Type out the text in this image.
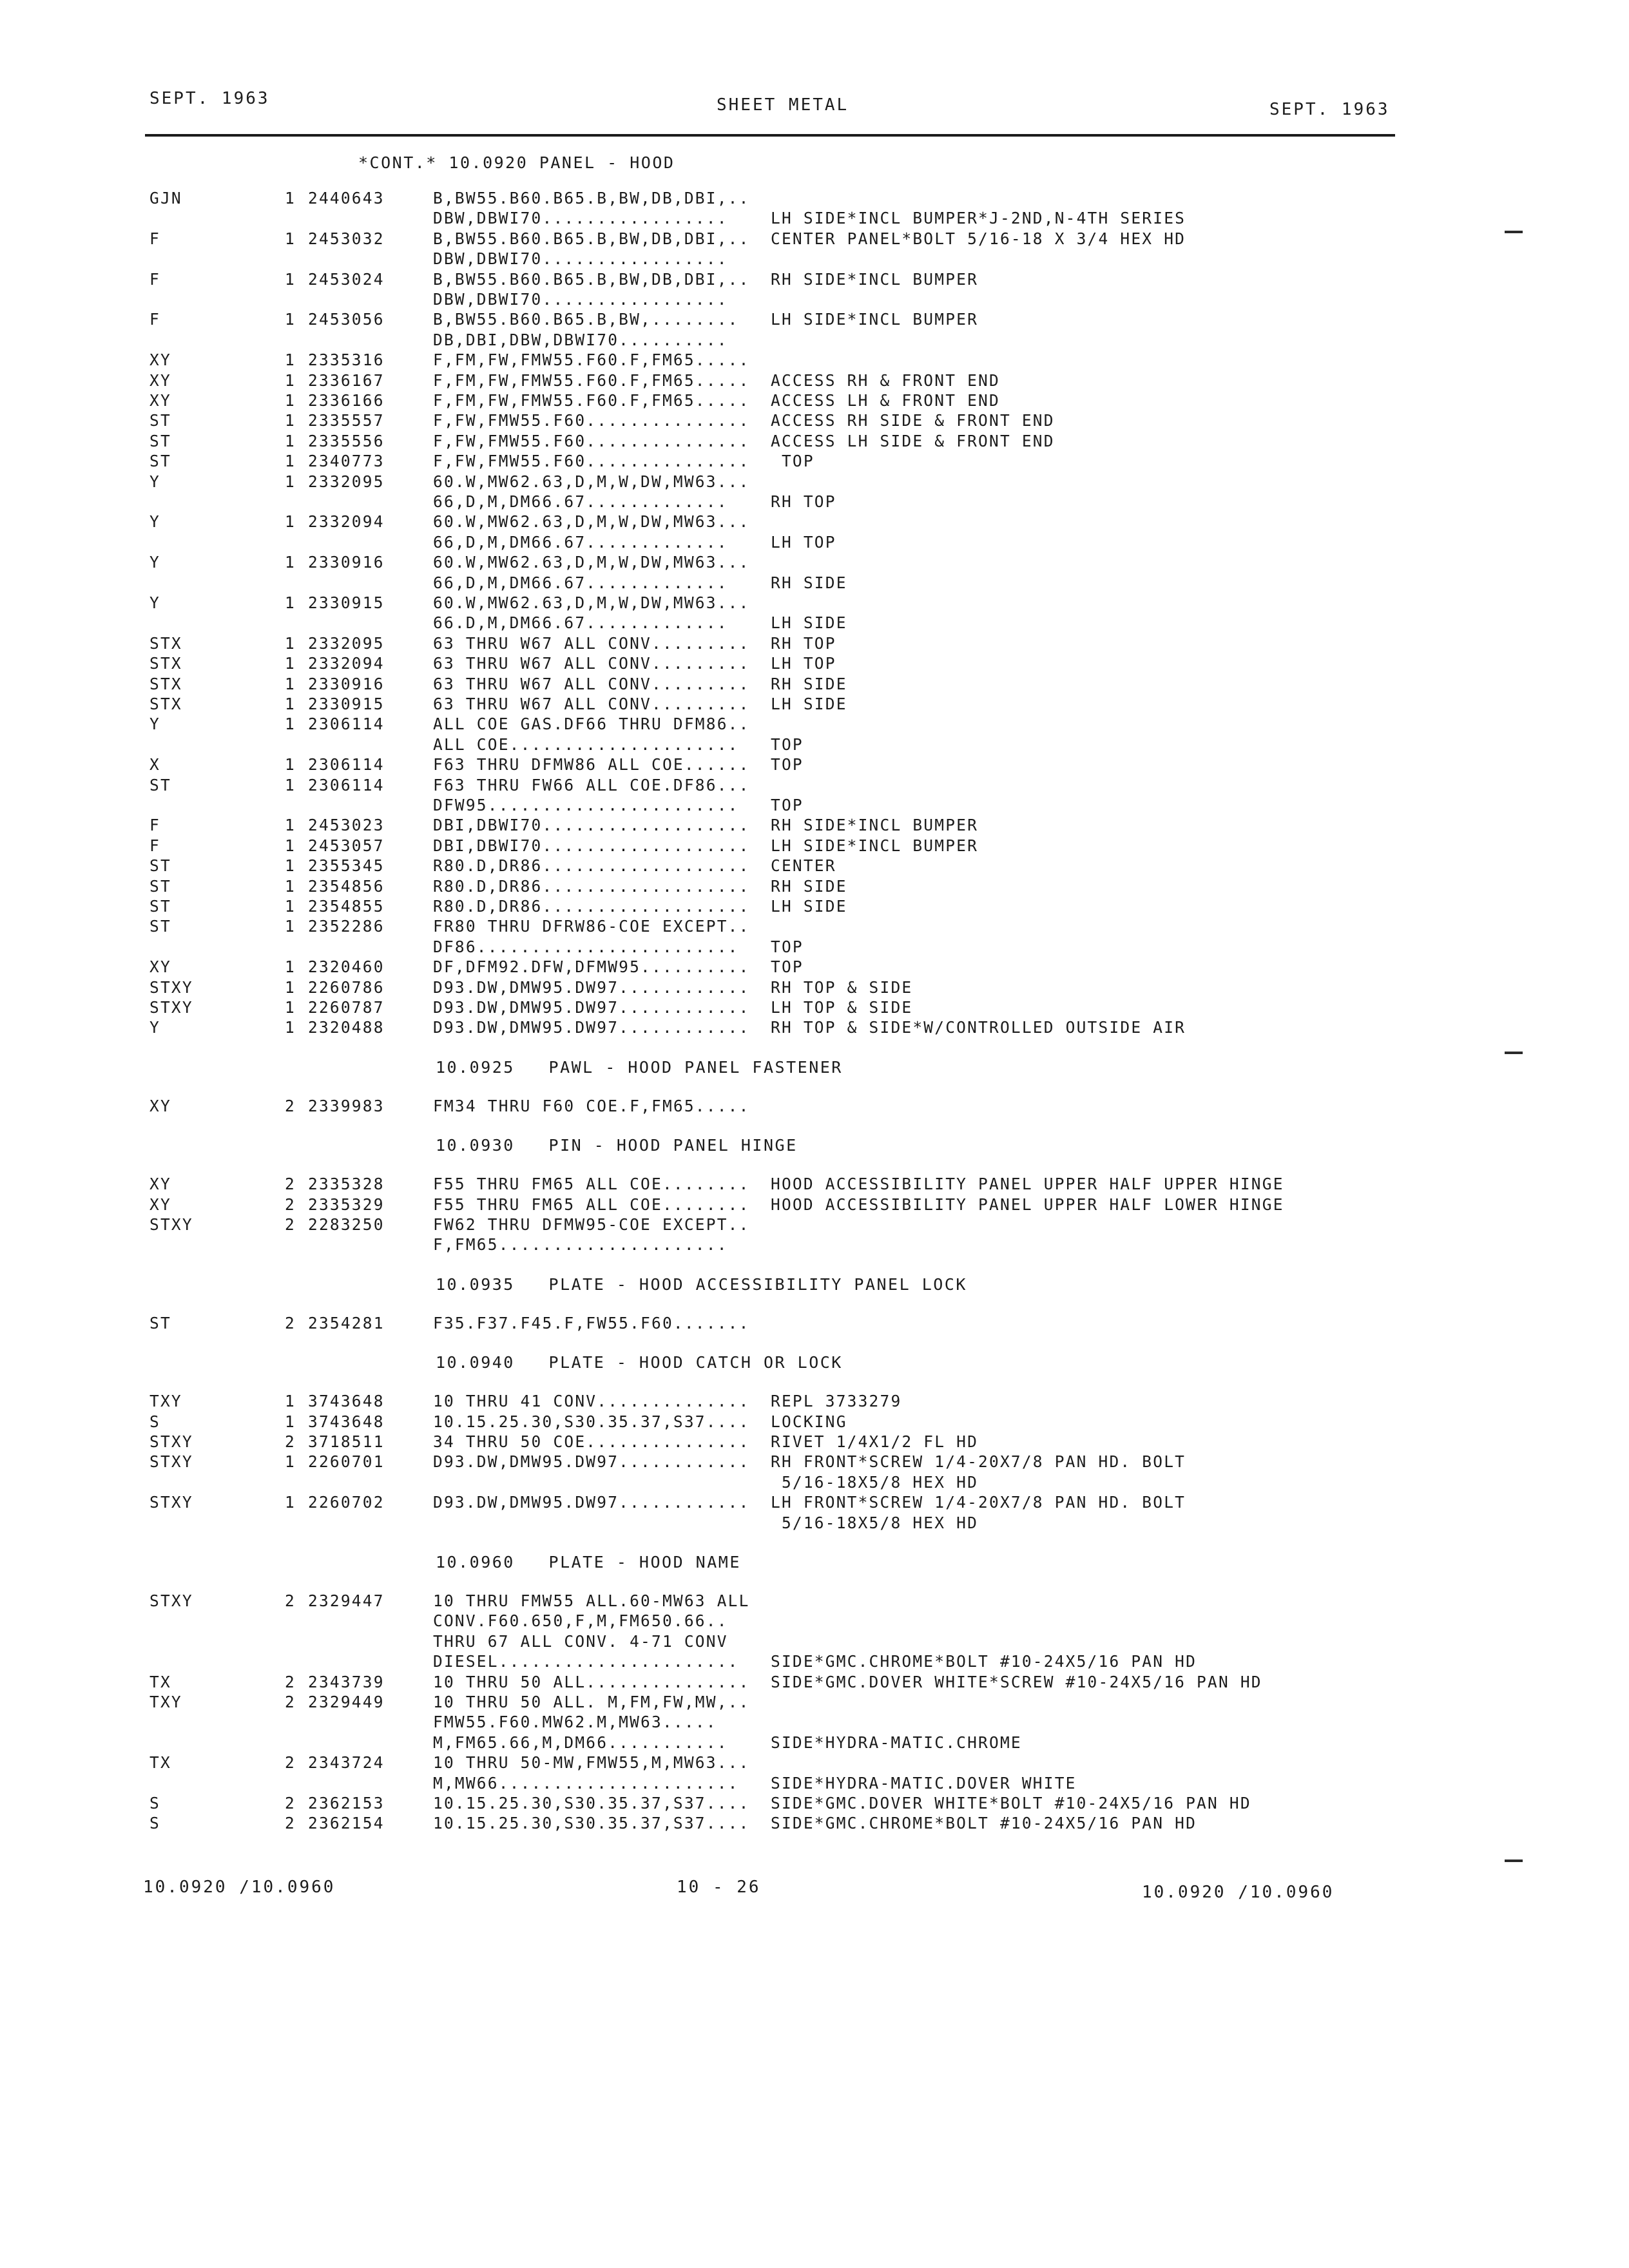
SEPT. 1963	SHEET METAL	SEPT. 1963
*CONT.* 10.0920 PANEL - HOOD
GJN	1 2440643	B,BW55.B60.B65.B,BW,DB,DBI,..
DBW,DBWI70.................	LH SIDE*INCL BUMPER*J-2ND,N-4TH SERIES
F	1 2453032	B,BW55.B60.B65.B,BW,DB,DBI,.. CENTER PANEL*BOLT 5/16-18 X 3/4 HEX HD
DBW,DBWI70.................
F	1 2453024	B,BW55.B60.B65.B,BW,DB,DBI,.. RH SIDE*INCL BUMPER
DBW,DBWI70.................
F	1 2453056	B,BW55.B60.B65.B,BW,........ LH SIDE*INCL BUMPER
DB,DBI,DBW,DBWI70..........
XY	1 2335316	F,FM,FW,FMW55.F60.F,FM65.....
XY	1 2336167	F,FM,FW,FMW55.F60.F,FM65..... ACCESS RH & FRONT END
XY	1 2336166	F,FM,FW,FMW55.F60.F,FM65..... ACCESS LH & FRONT END
ST	1 2335557	F,FW,FMW55.F60............... ACCESS RH SIDE & FRONT END
ST	1 2335556	F,FW,FMW55.F60............... ACCESS LH SIDE & FRONT END
ST	1 2340773	F,FW,FMW55.F60............... TOP
Y	1 2332095	60.W,MW62.63,D,M,W,DW,MW63...
66,D,M,DM66.67.............	RH TOP
Y	1 2332094	60.W,MW62.63,D,M,W,DW,MW63...
66,D,M,DM66.67.............	LH TOP
Y	1 2330916	60.W,MW62.63,D,M,W,DW,MW63...
66,D,M,DM66.67.............	RH SIDE
Y	1 2330915	60.W,MW62.63,D,M,W,DW,MW63...
66.D,M,DM66.67.............	LH SIDE
STX	1 2332095	63 THRU W67 ALL CONV......... RH TOP
STX	1 2332094	63 THRU W67 ALL CONV......... LH TOP
STX	1 2330916	63 THRU W67 ALL CONV......... RH SIDE
STX	1 2330915	63 THRU W67 ALL CONV......... LH SIDE
Y	1 2306114	ALL COE GAS.DF66 THRU DFM86..
ALL COE..................... TOP
X	1 2306114	F63 THRU DFMW86 ALL COE...... TOP
ST	1 2306114	F63 THRU FW66 ALL COE.DF86...
DFW95....................... TOP
F	1 2453023	DBI,DBWI70................... RH SIDE*INCL BUMPER
F	1 2453057	DBI,DBWI70................... LH SIDE*INCL BUMPER
ST	1 2355345	R80.D,DR86................... CENTER
ST	1 2354856	R80.D,DR86................... RH SIDE
ST	1 2354855	R80.D,DR86................... LH SIDE
ST	1 2352286	FR80 THRU DFRW86-COE EXCEPT..
DF86........................ TOP
XY	1 2320460	DF,DFM92.DFW,DFMW95.......... TOP
STXY	1 2260786	D93.DW,DMW95.DW97............ RH TOP & SIDE
STXY	1 2260787	D93.DW,DMW95.DW97............ LH TOP & SIDE
Y	1 2320488	D93.DW,DMW95.DW97............ RH TOP & SIDE*W/CONTROLLED OUTSIDE AIR
10.0925   PAWL - HOOD PANEL FASTENER
XY	2 2339983	FM34 THRU F60 COE.F,FM65.....
10.0930   PIN - HOOD PANEL HINGE
XY	2 2335328	F55 THRU FM65 ALL COE........ HOOD ACCESSIBILITY PANEL UPPER HALF UPPER HINGE
XY	2 2335329	F55 THRU FM65 ALL COE........ HOOD ACCESSIBILITY PANEL UPPER HALF LOWER HINGE
STXY	2 2283250	FW62 THRU DFMW95-COE EXCEPT..
F,FM65.....................
10.0935   PLATE - HOOD ACCESSIBILITY PANEL LOCK
ST	2 2354281	F35.F37.F45.F,FW55.F60.......
10.0940   PLATE - HOOD CATCH OR LOCK
TXY	1 3743648	10 THRU 41 CONV.............. REPL 3733279
S	1 3743648	10.15.25.30,S30.35.37,S37.... LOCKING
STXY	2 3718511	34 THRU 50 COE............... RIVET 1/4X1/2 FL HD
STXY	1 2260701	D93.DW,DMW95.DW97............ RH FRONT*SCREW 1/4-20X7/8 PAN HD. BOLT
5/16-18X5/8 HEX HD
STXY	1 2260702	D93.DW,DMW95.DW97............ LH FRONT*SCREW 1/4-20X7/8 PAN HD. BOLT
5/16-18X5/8 HEX HD
10.0960   PLATE - HOOD NAME
STXY	2 2329447	10 THRU FMW55 ALL.60-MW63 ALL
CONV.F60.650,F,M,FM650.66..
THRU 67 ALL CONV. 4-71 CONV
DIESEL...................... SIDE*GMC.CHROME*BOLT #10-24X5/16 PAN HD
TX	2 2343739	10 THRU 50 ALL............... SIDE*GMC.DOVER WHITE*SCREW #10-24X5/16 PAN HD
TXY	2 2329449	10 THRU 50 ALL. M,FM,FW,MW,..
FMW55.F60.MW62.M,MW63.....
M,FM65.66,M,DM66...........	SIDE*HYDRA-MATIC.CHROME
TX	2 2343724	10 THRU 50-MW,FMW55,M,MW63...
M,MW66...................... SIDE*HYDRA-MATIC.DOVER WHITE
S	2 2362153	10.15.25.30,S30.35.37,S37.... SIDE*GMC.DOVER WHITE*BOLT #10-24X5/16 PAN HD
S	2 2362154	10.15.25.30,S30.35.37,S37.... SIDE*GMC.CHROME*BOLT #10-24X5/16 PAN HD
10.0920 /10.0960	10 - 26	10.0920 /10.0960
